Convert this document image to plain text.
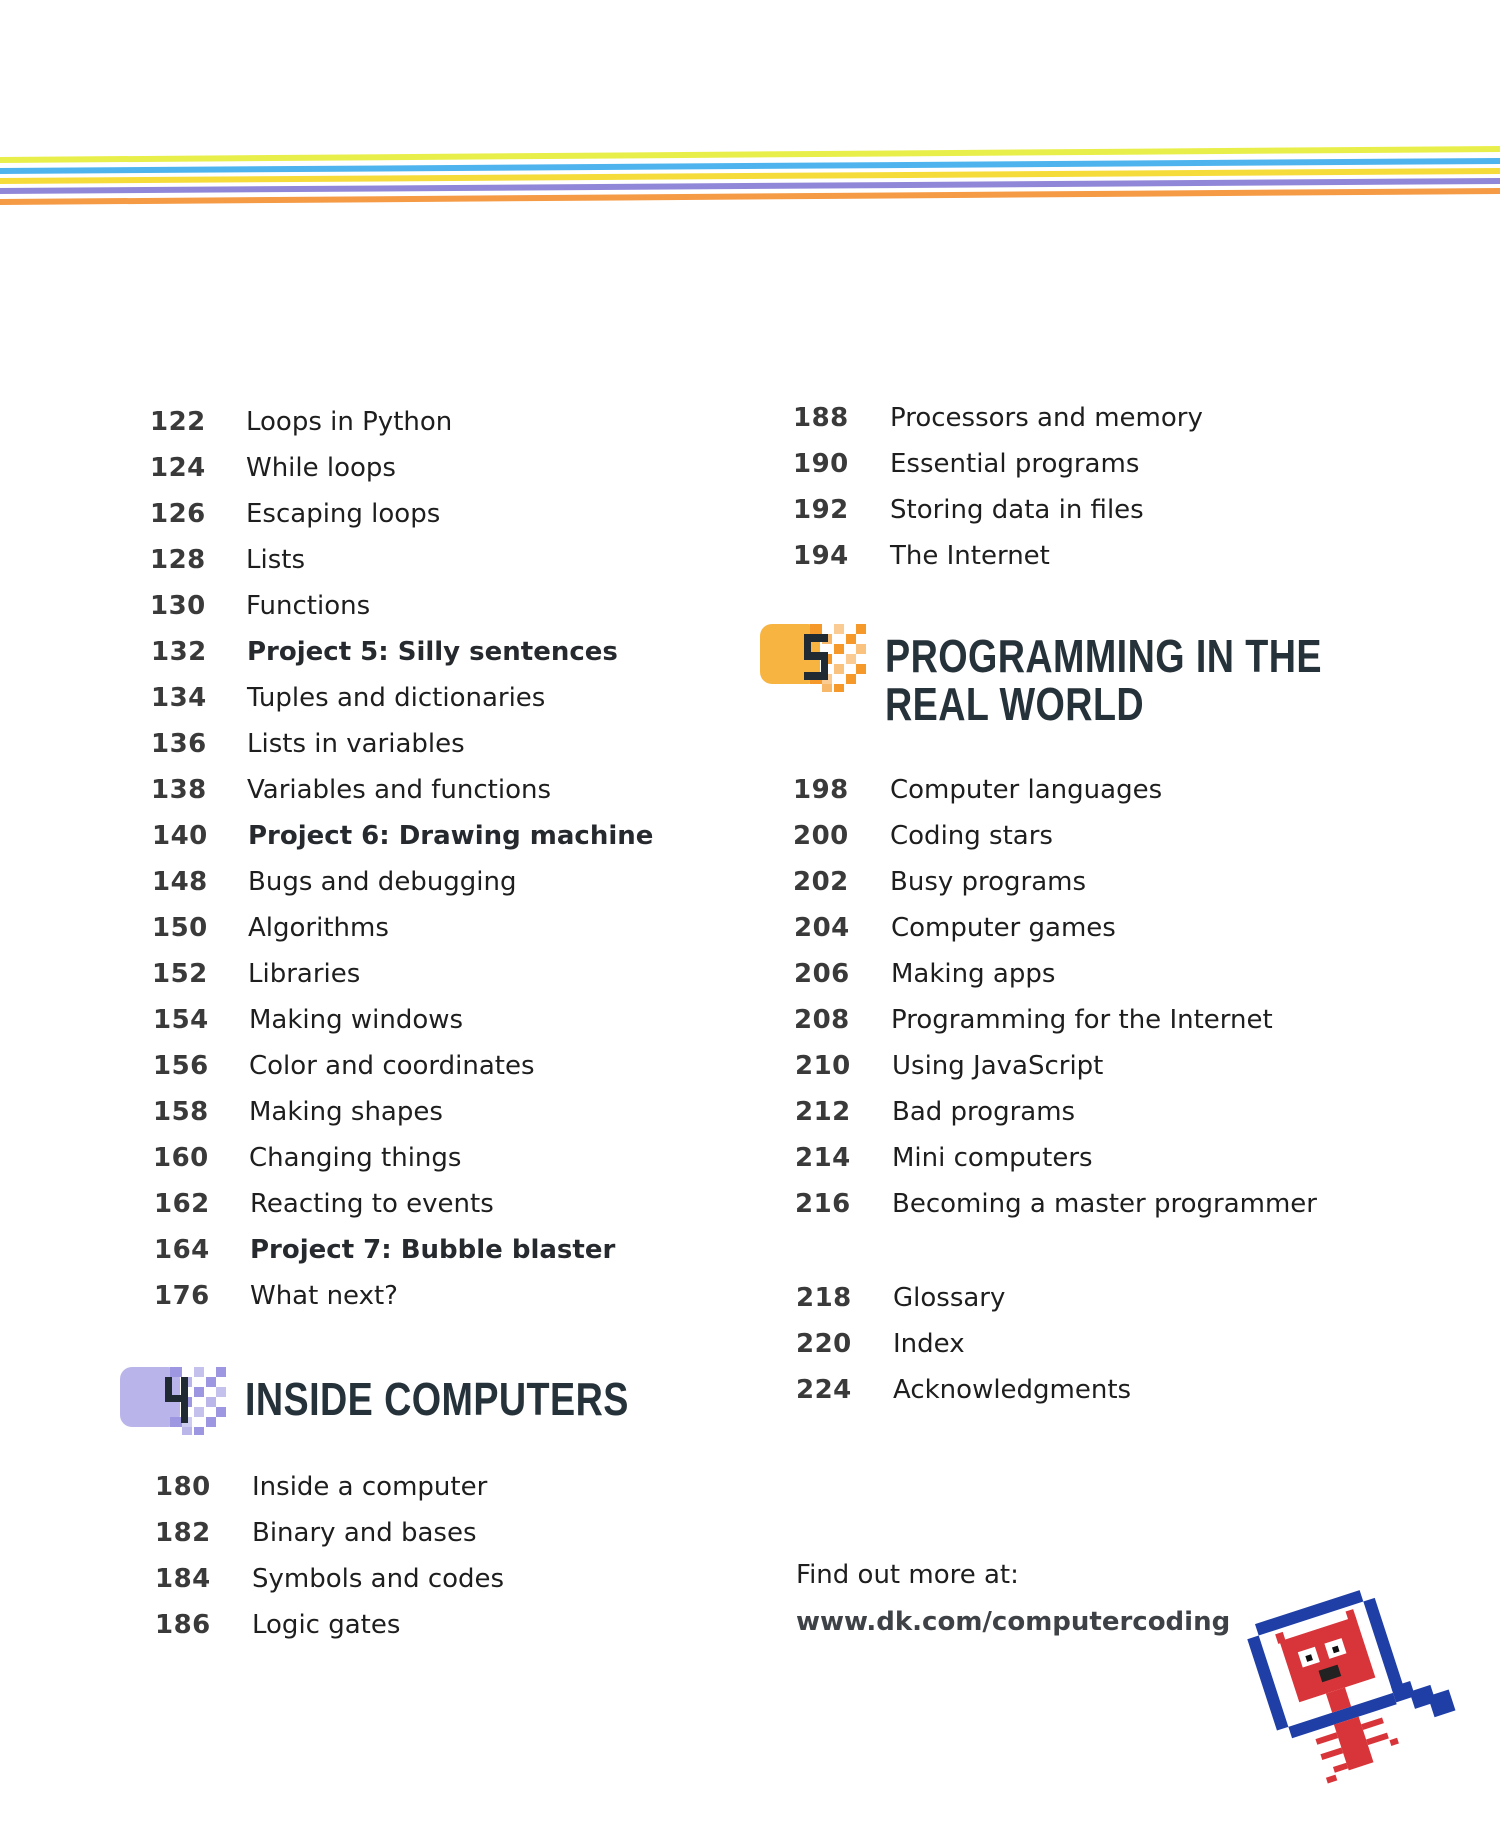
122 Loops in Python
124 While loops
126 Escaping loops
128 Lists
130 Functions
132 Project 5: Silly sentences
134 Tuples and dictionaries
136 Lists in variables
138 Variables and functions
140 Project 6: Drawing machine
148 Bugs and debugging
150 Algorithms
152 Libraries
154 Making windows
156 Color and coordinates
158 Making shapes
160 Changing things
162 Reacting to events
164 Project 7: Bubble blaster
176 What next?
INSIDE COMPUTERS
180 Inside a computer
182 Binary and bases
184 Symbols and codes
186 Logic gates
188 Processors and memory
190 Essential programs
192 Storing data in files
194 The Internet
PROGRAMMING IN THE
REAL WORLD
198 Computer languages
200 Coding stars
202 Busy programs
204 Computer games
206 Making apps
208 Programming for the Internet
210 Using JavaScript
212 Bad programs
214 Mini computers
216 Becoming a master programmer
218 Glossary
220 Index
224 Acknowledgments
Find out more at:
www.dk.com/computercoding
